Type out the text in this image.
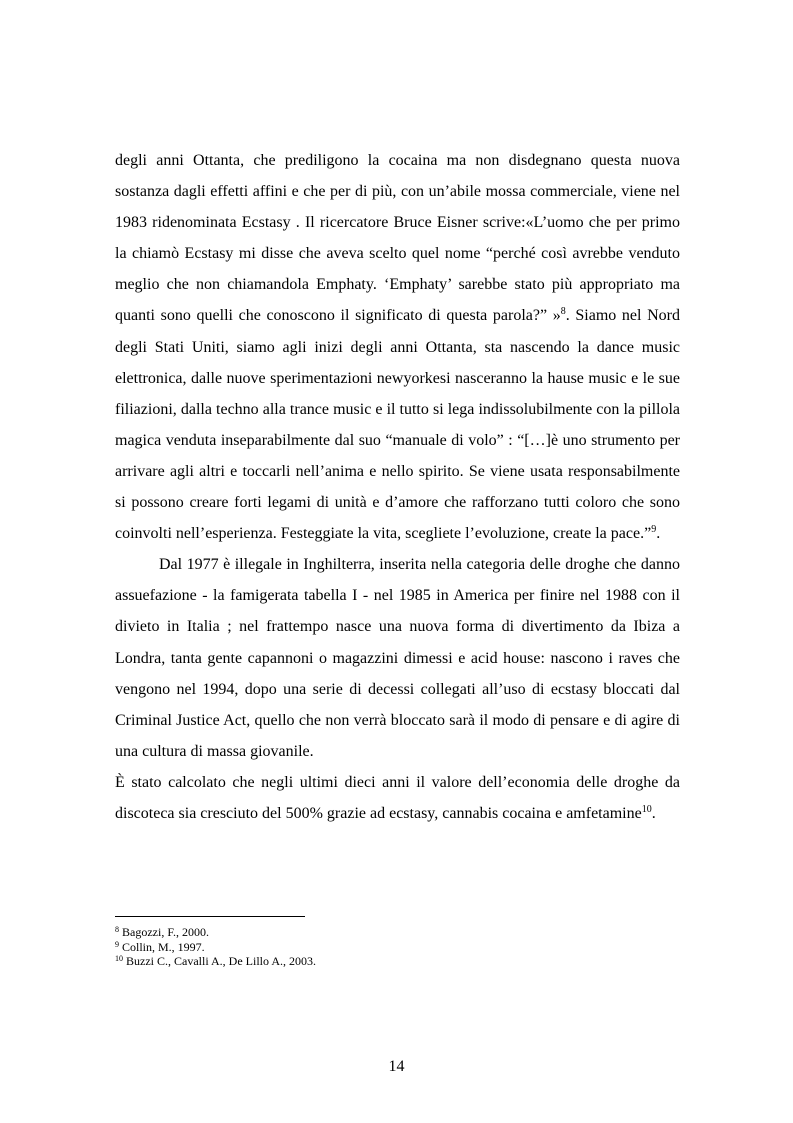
degli anni Ottanta, che prediligono la cocaina ma non disdegnano questa nuova sostanza dagli effetti affini e che per di più, con un’abile mossa commerciale, viene nel 1983 ridenominata Ecstasy . Il ricercatore Bruce Eisner scrive:«L’uomo che per primo la chiamò Ecstasy mi disse che aveva scelto quel nome “perché così avrebbe venduto meglio che non chiamandola Emphaty. ‘Emphaty’ sarebbe stato più appropriato ma quanti sono quelli che conoscono il significato di questa parola?” »$^8$. Siamo nel Nord degli Stati Uniti, siamo agli inizi degli anni Ottanta, sta nascendo la dance music elettronica, dalle nuove sperimentazioni newyorkesi nasceranno la hause music e le sue filiazioni, dalla techno alla trance music e il tutto si lega indissolubilmente con la pillola magica venduta inseparabilmente dal suo “manuale di volo” : “[…]è uno strumento per arrivare agli altri e toccarli nell’anima e nello spirito. Se viene usata responsabilmente si possono creare forti legami di unità e d’amore che rafforzano tutti coloro che sono coinvolti nell’esperienza. Festeggiate la vita, scegliete l’evoluzione, create la pace.”$^9$.

Dal 1977 è illegale in Inghilterra, inserita nella categoria delle droghe che danno assuefazione - la famigerata tabella I - nel 1985 in America per finire nel 1988 con il divieto in Italia ; nel frattempo nasce una nuova forma di divertimento da Ibiza a Londra, tanta gente capannoni o magazzini dimessi e acid house: nascono i raves che vengono nel 1994, dopo una serie di decessi collegati all’uso di ecstasy bloccati dal Criminal Justice Act, quello che non verrà bloccato sarà il modo di pensare e di agire di una cultura di massa giovanile.

È stato calcolato che negli ultimi dieci anni il valore dell’economia delle droghe da discoteca sia cresciuto del 500% grazie ad ecstasy, cannabis cocaina e amfetamine$^{10}$.

$^8$ Bagozzi, F., 2000.

$^9$ Collin, M., 1997.

$^{10}$ Buzzi C., Cavalli A., De Lillo A., 2003.

14
